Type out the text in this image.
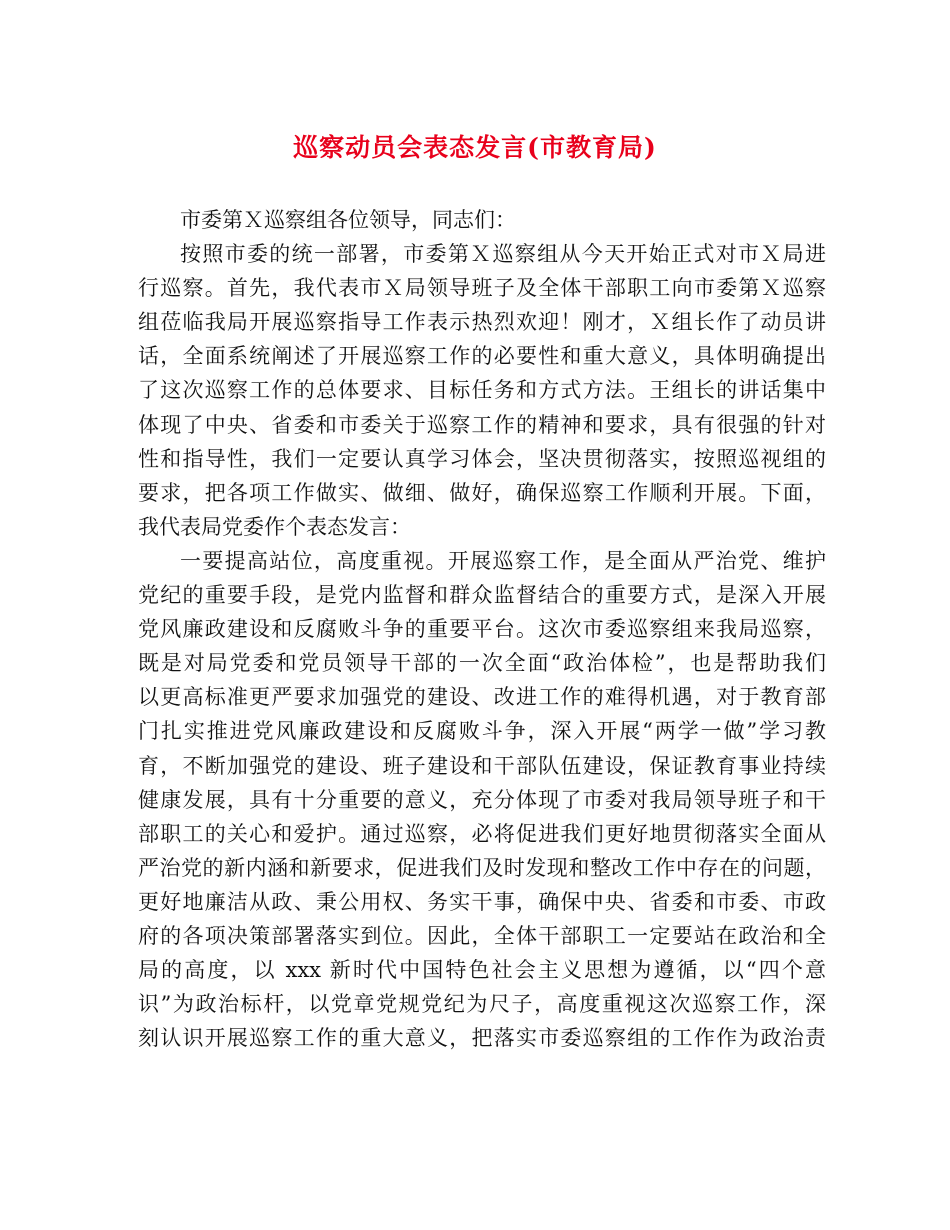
巡察动员会表态发言(市教育局)
市委第Ｘ巡察组各位领导，同志们：
按照市委的统一部署，市委第Ｘ巡察组从今天开始正式对市Ｘ局进
行巡察。首先，我代表市Ｘ局领导班子及全体干部职工向市委第Ｘ巡察
组莅临我局开展巡察指导工作表示热烈欢迎！刚才，Ｘ组长作了动员讲
话，全面系统阐述了开展巡察工作的必要性和重大意义，具体明确提出
了这次巡察工作的总体要求、目标任务和方式方法。王组长的讲话集中
体现了中央、省委和市委关于巡察工作的精神和要求，具有很强的针对
性和指导性，我们一定要认真学习体会，坚决贯彻落实，按照巡视组的
要求，把各项工作做实、做细、做好，确保巡察工作顺利开展。下面，
我代表局党委作个表态发言：
一要提高站位，高度重视。开展巡察工作，是全面从严治党、维护
党纪的重要手段，是党内监督和群众监督结合的重要方式，是深入开展
党风廉政建设和反腐败斗争的重要平台。这次市委巡察组来我局巡察，
既是对局党委和党员领导干部的一次全面“政治体检”，也是帮助我们
以更高标准更严要求加强党的建设、改进工作的难得机遇，对于教育部
门扎实推进党风廉政建设和反腐败斗争，深入开展“两学一做”学习教
育，不断加强党的建设、班子建设和干部队伍建设，保证教育事业持续
健康发展，具有十分重要的意义，充分体现了市委对我局领导班子和干
部职工的关心和爱护。通过巡察，必将促进我们更好地贯彻落实全面从
严治党的新内涵和新要求，促进我们及时发现和整改工作中存在的问题，
更好地廉洁从政、秉公用权、务实干事，确保中央、省委和市委、市政
府的各项决策部署落实到位。因此，全体干部职工一定要站在政治和全
局的高度，以 xxx 新时代中国特色社会主义思想为遵循，以“四个意
识”为政治标杆，以党章党规党纪为尺子，高度重视这次巡察工作，深
刻认识开展巡察工作的重大意义，把落实市委巡察组的工作作为政治责
